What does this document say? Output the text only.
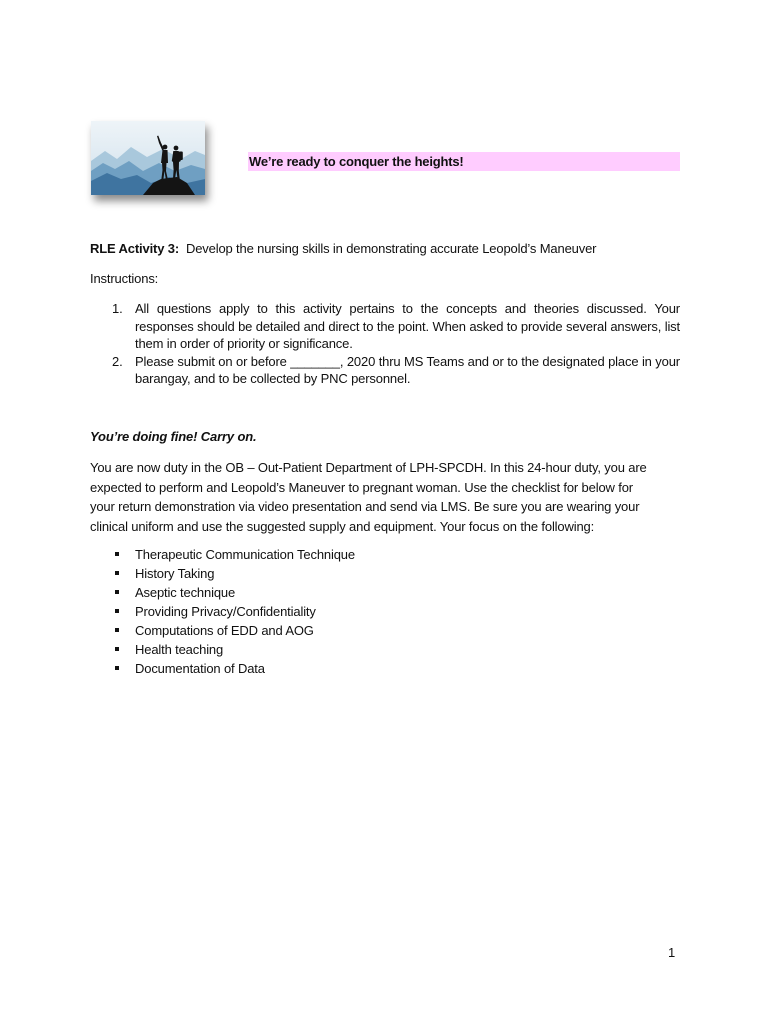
We’re ready to conquer the heights!
RLE Activity 3: Develop the nursing skills in demonstrating accurate Leopold’s Maneuver
Instructions:
1. All questions apply to this activity pertains to the concepts and theories discussed. Your responses should be detailed and direct to the point. When asked to provide several answers, list them in order of priority or significance.
2. Please submit on or before _______, 2020 thru MS Teams and or to the designated place in your barangay, and to be collected by PNC personnel.
You’re doing fine! Carry on.
You are now duty in the OB – Out-Patient Department of LPH-SPCDH. In this 24-hour duty, you are expected to perform and Leopold’s Maneuver to pregnant woman. Use the checklist for below for your return demonstration via video presentation and send via LMS. Be sure you are wearing your clinical uniform and use the suggested supply and equipment. Your focus on the following:
Therapeutic Communication Technique
History Taking
Aseptic technique
Providing Privacy/Confidentiality
Computations of EDD and AOG
Health teaching
Documentation of Data
1
